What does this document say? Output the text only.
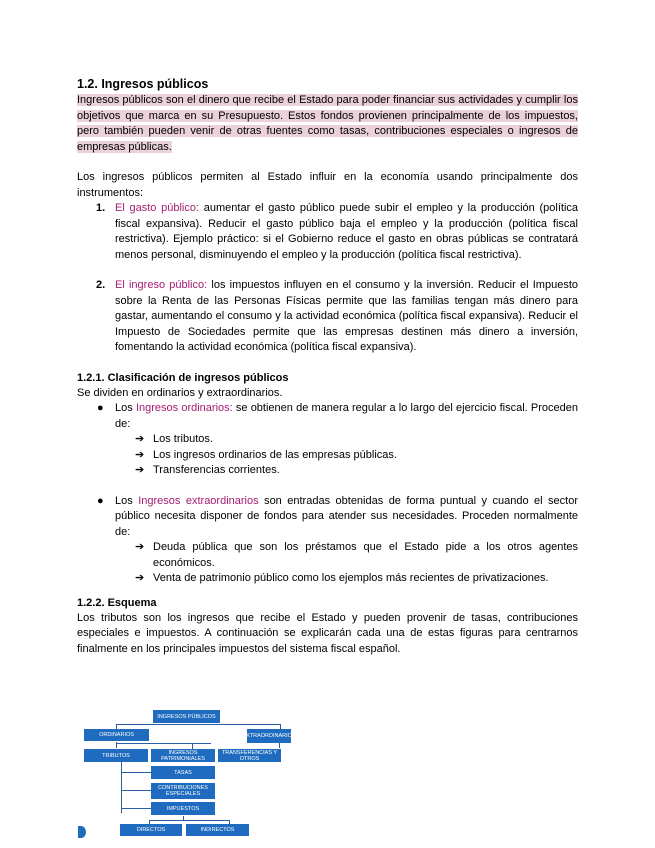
1.2. Ingresos públicos

Ingresos públicos son el dinero que recibe el Estado para poder financiar sus actividades y cumplir los objetivos que marca en su Presupuesto. Estos fondos provienen principalmente de los impuestos, pero también pueden venir de otras fuentes como tasas, contribuciones especiales o ingresos de empresas públicas.

Los ingresos públicos permiten al Estado influir en la economía usando principalmente dos instrumentos:

1. El gasto público: aumentar el gasto público puede subir el empleo y la producción (política fiscal expansiva). Reducir el gasto público baja el empleo y la producción (política fiscal restrictiva). Ejemplo práctico: si el Gobierno reduce el gasto en obras públicas se contratará menos personal, disminuyendo el empleo y la producción (política fiscal restrictiva).
2. El ingreso público: los impuestos influyen en el consumo y la inversión. Reducir el Impuesto sobre la Renta de las Personas Físicas permite que las familias tengan más dinero para gastar, aumentando el consumo y la actividad económica (política fiscal expansiva). Reducir el Impuesto de Sociedades permite que las empresas destinen más dinero a inversión, fomentando la actividad económica (política fiscal expansiva).
1.2.1. Clasificación de ingresos públicos

Se dividen en ordinarios y extraordinarios.

● Los Ingresos ordinarios: se obtienen de manera regular a lo largo del ejercicio fiscal. Proceden de:
➔ Los tributos.
➔ Los ingresos ordinarios de las empresas públicas.
➔ Transferencias corrientes.
● Los Ingresos extraordinarios son entradas obtenidas de forma puntual y cuando el sector público necesita disponer de fondos para atender sus necesidades. Proceden normalmente de:
➔ Deuda pública que son los préstamos que el Estado pide a los otros agentes económicos.
➔ Venta de patrimonio público como los ejemplos más recientes de privatizaciones.
1.2.2. Esquema

Los tributos son los ingresos que recibe el Estado y pueden provenir de tasas, contribuciones especiales e impuestos. A continuación se explicarán cada una de estas figuras para centrarnos finalmente en los principales impuestos del sistema fiscal español.

INGRESOS PÚBLICOS
ORDINARIOS	EXTRAORDINARIOS
TRIBUTOS	INGRESOS PATRIMONIALES
TRANSFERENCIAS Y OTROS
TASAS
CONTRIBUCIONES ESPECIALES
IMPUESTOS
DIRECTOS	INDIRECTOS
